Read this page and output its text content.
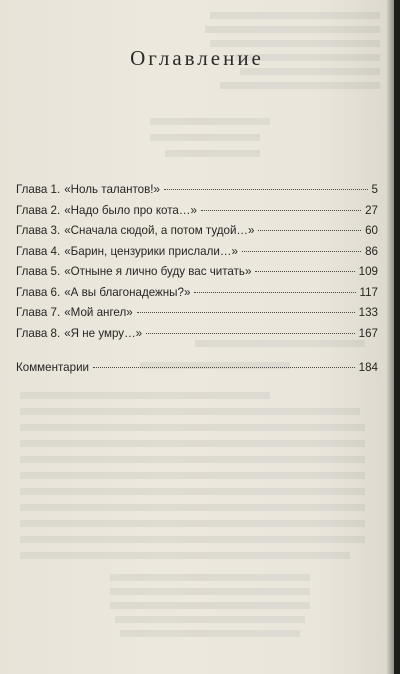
Оглавление
Глава 1. «Ноль талантов!»	5
Глава 2. «Надо было про кота…»	27
Глава 3. «Сначала сюдой, а потом тудой…»	60
Глава 4. «Барин, цензурики прислали…»	86
Глава 5. «Отныне я лично буду вас читать»	109
Глава 6. «А вы благонадежны?»	117
Глава 7. «Мой ангел»	133
Глава 8. «Я не умру…»	167
Комментарии	184
